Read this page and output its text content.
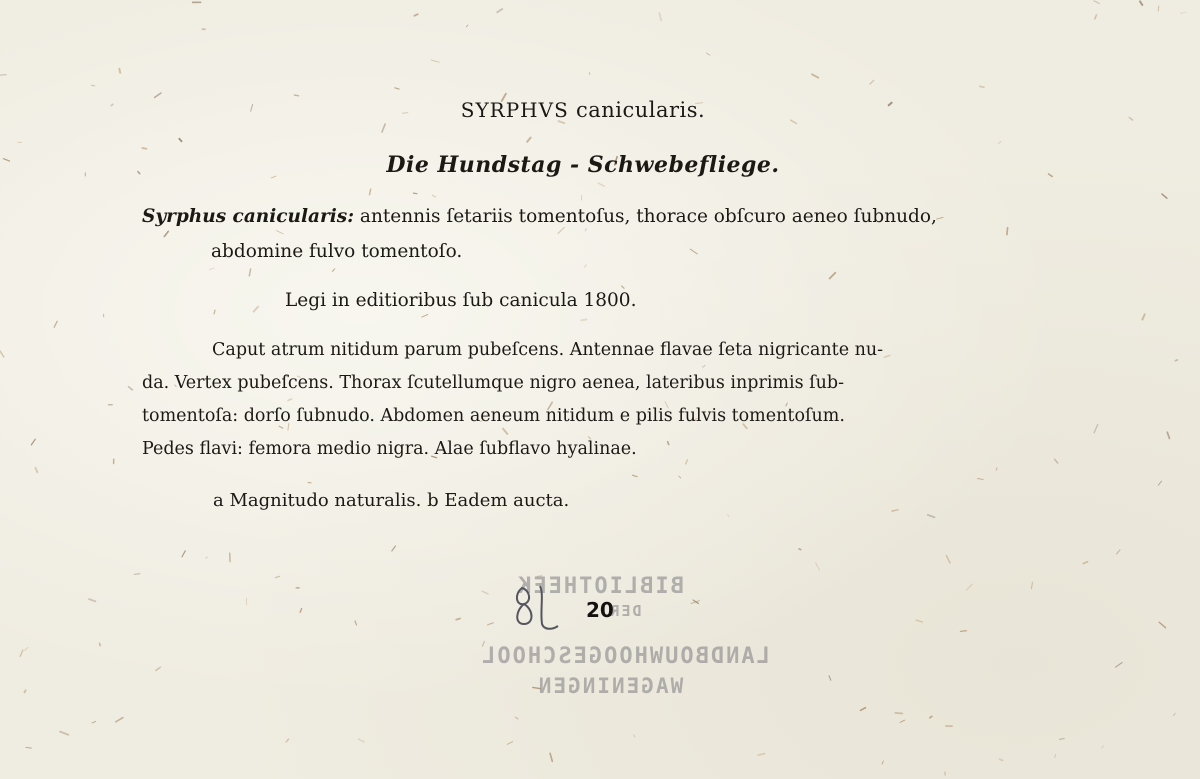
SYRPHVS canicularis.
Die Hundstag - Schwebefliege.
Syrphus canicularis: antennis ſetariis tomentoſus, thorace obſcuro aeneo ſubnudo,
abdomine fulvo tomentoſo.
Legi in editioribus ſub canicula 1800.
Caput atrum nitidum parum pubeſcens. Antennae flavae ſeta nigricante nu-
da. Vertex pubeſcens. Thorax ſcutellumque nigro aenea, lateribus inprimis ſub-
tomentoſa: dorſo ſubnudo. Abdomen aeneum nitidum e pilis fulvis tomentoſum.
Pedes flavi: femora medio nigra. Alae ſubflavo hyalinae.
a Magnitudo naturalis. b Eadem aucta.
BIBLIOTHEEK
DER
LANDBOUWHOOGESCHOOL
WAGENINGEN
20
